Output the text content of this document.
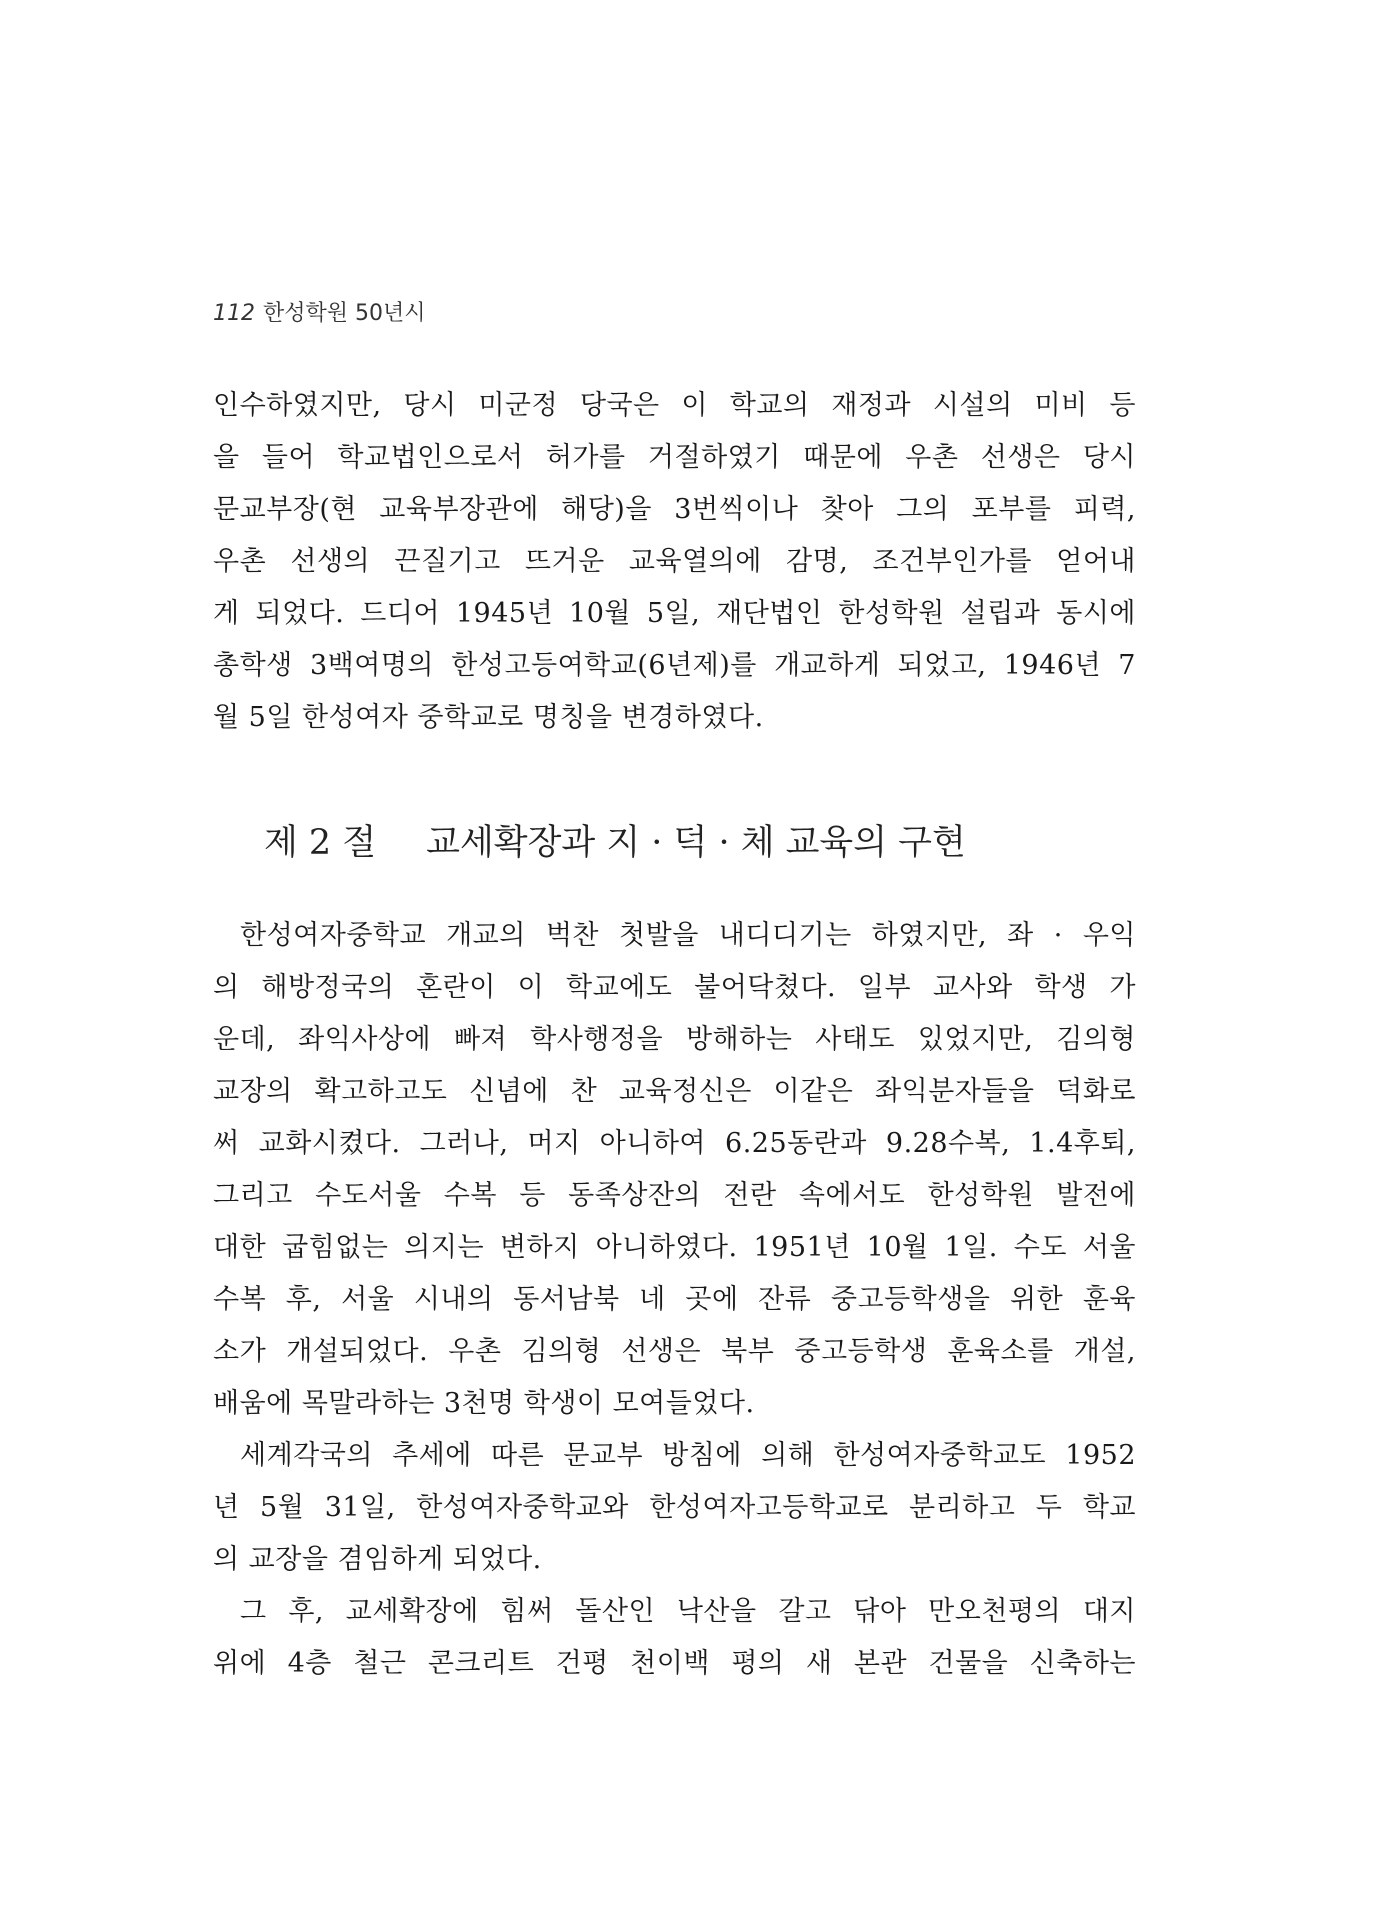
112 한성학원 50년시
인수하였지만, 당시 미군정 당국은 이 학교의 재정과 시설의 미비 등
을 들어 학교법인으로서 허가를 거절하였기 때문에 우촌 선생은 당시
문교부장(현 교육부장관에 해당)을 3번씩이나 찾아 그의 포부를 피력,
우촌 선생의 끈질기고 뜨거운 교육열의에 감명, 조건부인가를 얻어내
게 되었다. 드디어 1945년 10월 5일, 재단법인 한성학원 설립과 동시에
총학생 3백여명의 한성고등여학교(6년제)를 개교하게 되었고, 1946년 7
월 5일 한성여자 중학교로 명칭을 변경하였다.
제 2 절 교세확장과 지 · 덕 · 체 교육의 구현
한성여자중학교 개교의 벅찬 첫발을 내디디기는 하였지만, 좌 · 우익
의 해방정국의 혼란이 이 학교에도 불어닥쳤다. 일부 교사와 학생 가
운데, 좌익사상에 빠져 학사행정을 방해하는 사태도 있었지만, 김의형
교장의 확고하고도 신념에 찬 교육정신은 이같은 좌익분자들을 덕화로
써 교화시켰다. 그러나, 머지 아니하여 6.25동란과 9.28수복, 1.4후퇴,
그리고 수도서울 수복 등 동족상잔의 전란 속에서도 한성학원 발전에
대한 굽힘없는 의지는 변하지 아니하였다. 1951년 10월 1일. 수도 서울
수복 후, 서울 시내의 동서남북 네 곳에 잔류 중고등학생을 위한 훈육
소가 개설되었다. 우촌 김의형 선생은 북부 중고등학생 훈육소를 개설,
배움에 목말라하는 3천명 학생이 모여들었다.
세계각국의 추세에 따른 문교부 방침에 의해 한성여자중학교도 1952
년 5월 31일, 한성여자중학교와 한성여자고등학교로 분리하고 두 학교
의 교장을 겸임하게 되었다.
그 후, 교세확장에 힘써 돌산인 낙산을 갈고 닦아 만오천평의 대지
위에 4층 철근 콘크리트 건평 천이백 평의 새 본관 건물을 신축하는
